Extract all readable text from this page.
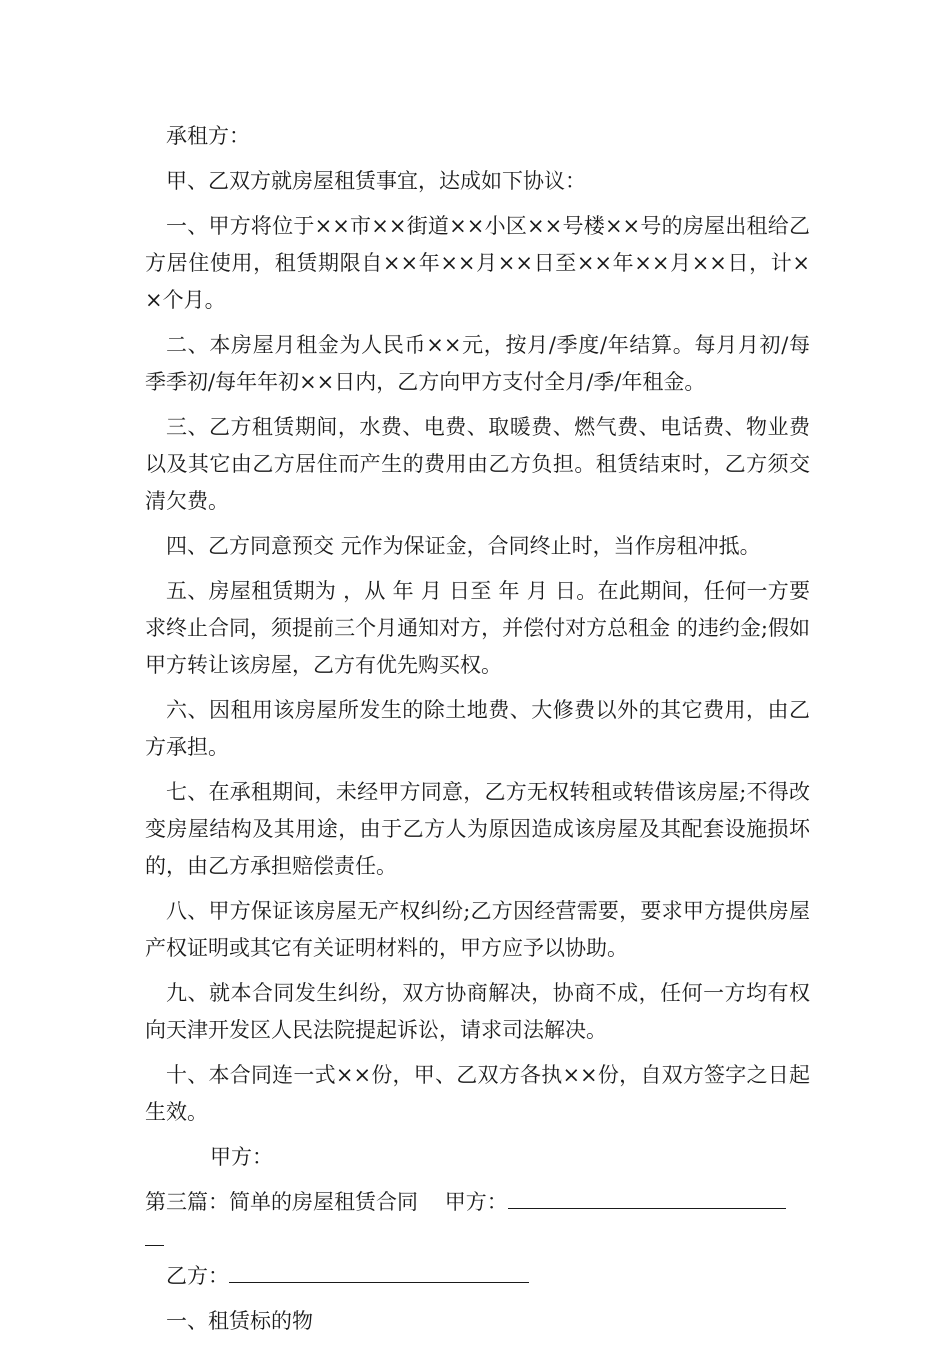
承租方：

甲、乙双方就房屋租赁事宜，达成如下协议：

一、甲方将位于××市××街道××小区××号楼××号的房屋出租给乙方居住使用，租赁期限自××年××月××日至××年××月××日，计××个月。

二、本房屋月租金为人民币××元，按月/季度/年结算。每月月初/每季季初/每年年初××日内，乙方向甲方支付全月/季/年租金。

三、乙方租赁期间，水费、电费、取暖费、燃气费、电话费、物业费以及其它由乙方居住而产生的费用由乙方负担。租赁结束时，乙方须交清欠费。

四、乙方同意预交 元作为保证金，合同终止时，当作房租冲抵。

五、房屋租赁期为 ，从 年 月 日至 年 月 日。在此期间，任何一方要求终止合同，须提前三个月通知对方，并偿付对方总租金 的违约金;假如甲方转让该房屋，乙方有优先购买权。

六、因租用该房屋所发生的除土地费、大修费以外的其它费用，由乙方承担。

七、在承租期间，未经甲方同意，乙方无权转租或转借该房屋;不得改变房屋结构及其用途，由于乙方人为原因造成该房屋及其配套设施损坏的，由乙方承担赔偿责任。

八、甲方保证该房屋无产权纠纷;乙方因经营需要，要求甲方提供房屋产权证明或其它有关证明材料的，甲方应予以协助。

九、就本合同发生纠纷，双方协商解决，协商不成，任何一方均有权向天津开发区人民法院提起诉讼，请求司法解决。

十、本合同连一式××份，甲、乙双方各执××份，自双方签字之日起生效。

甲方：

第三篇：简单的房屋租赁合同 甲方：

乙方：

一、租赁标的物
